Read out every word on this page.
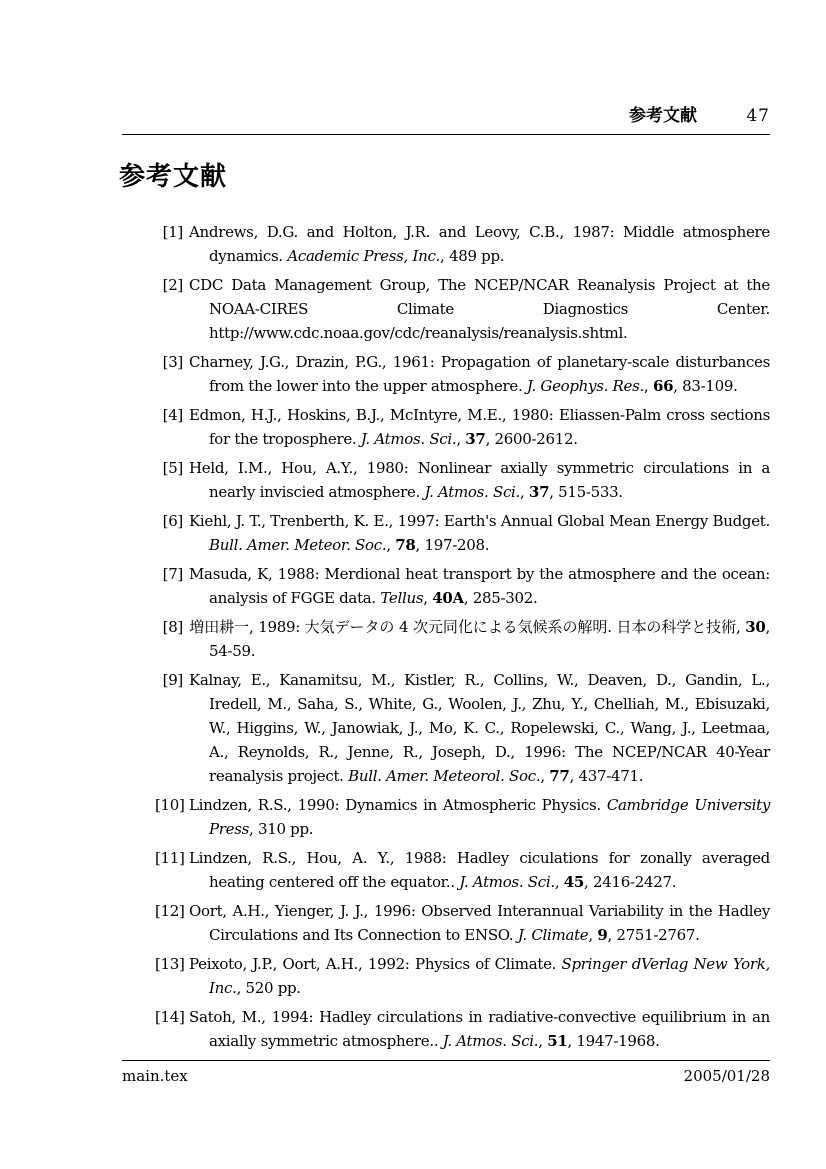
参考文献	47
参考文献
[1] Andrews, D.G. and Holton, J.R. and Leovy, C.B., 1987: Middle atmosphere dynamics. Academic Press, Inc., 489 pp.
[2] CDC Data Management Group, The NCEP/NCAR Reanalysis Project at the NOAA-CIRES Climate Diagnostics Center. http://www.cdc.noaa.gov/cdc/reanalysis/reanalysis.shtml.
[3] Charney, J.G., Drazin, P.G., 1961: Propagation of planetary-scale disturbances from the lower into the upper atmosphere. J. Geophys. Res., 66, 83-109.
[4] Edmon, H.J., Hoskins, B.J., McIntyre, M.E., 1980: Eliassen-Palm cross sections for the troposphere. J. Atmos. Sci., 37, 2600-2612.
[5] Held, I.M., Hou, A.Y., 1980: Nonlinear axially symmetric circulations in a nearly inviscied atmosphere. J. Atmos. Sci., 37, 515-533.
[6] Kiehl, J. T., Trenberth, K. E., 1997: Earth's Annual Global Mean Energy Budget. Bull. Amer. Meteor. Soc., 78, 197-208.
[7] Masuda, K, 1988: Merdional heat transport by the atmosphere and the ocean: analysis of FGGE data. Tellus, 40A, 285-302.
[8] 増田耕一, 1989: 大気データの 4 次元同化による気候系の解明. 日本の科学と技術, 30, 54-59.
[9] Kalnay, E., Kanamitsu, M., Kistler, R., Collins, W., Deaven, D., Gandin, L., Iredell, M., Saha, S., White, G., Woolen, J., Zhu, Y., Chelliah, M., Ebisuzaki, W., Higgins, W., Janowiak, J., Mo, K. C., Ropelewski, C., Wang, J., Leetmaa, A., Reynolds, R., Jenne, R., Joseph, D., 1996: The NCEP/NCAR 40-Year reanalysis project. Bull. Amer. Meteorol. Soc., 77, 437-471.
[10] Lindzen, R.S., 1990: Dynamics in Atmospheric Physics. Cambridge University Press, 310 pp.
[11] Lindzen, R.S., Hou, A. Y., 1988: Hadley ciculations for zonally averaged heating centered off the equator.. J. Atmos. Sci., 45, 2416-2427.
[12] Oort, A.H., Yienger, J. J., 1996: Observed Interannual Variability in the Hadley Circulations and Its Connection to ENSO. J. Climate, 9, 2751-2767.
[13] Peixoto, J.P., Oort, A.H., 1992: Physics of Climate. Springer dVerlag New York, Inc., 520 pp.
[14] Satoh, M., 1994: Hadley circulations in radiative-convective equilibrium in an axially symmetric atmosphere.. J. Atmos. Sci., 51, 1947-1968.
main.tex	2005/01/28
